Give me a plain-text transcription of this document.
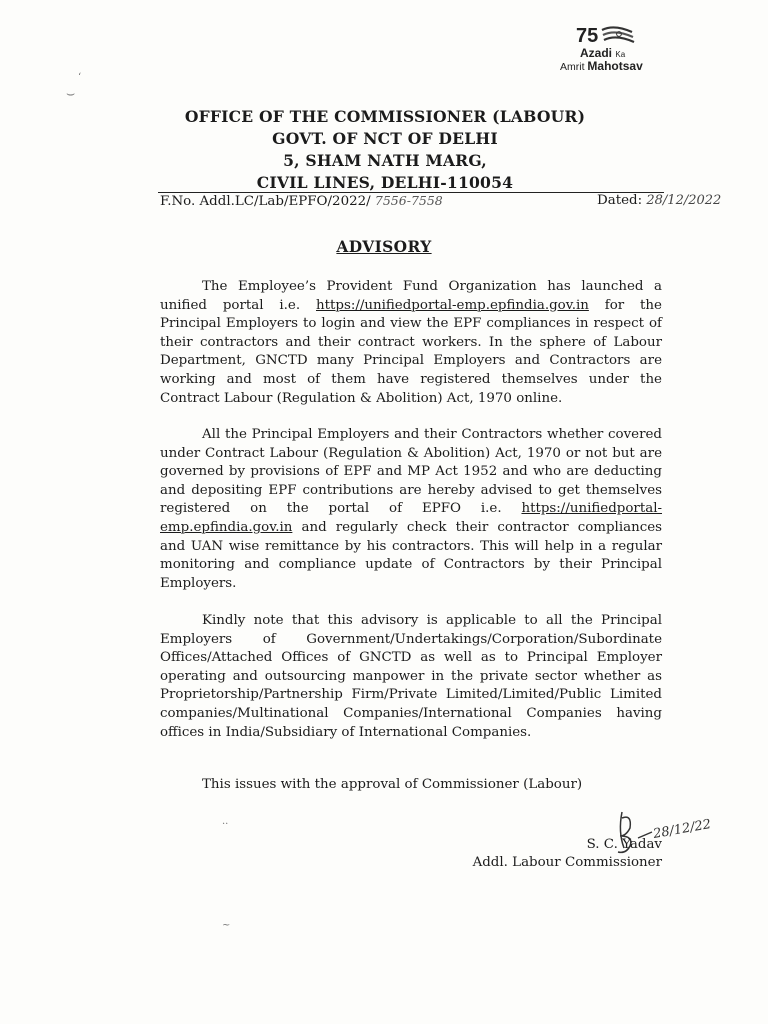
75
Azadi Ka
Amrit Mahotsav
‘
⌣
OFFICE OF THE COMMISSIONER (LABOUR)
GOVT. OF NCT OF DELHI
5, SHAM NATH MARG,
CIVIL LINES, DELHI-110054
F.No. Addl.LC/Lab/EPFO/2022/ 7556-7558	Dated: 28/12/2022
ADVISORY

The Employee’s Provident Fund Organization has launched a unified portal i.e. https://unifiedportal-emp.epfindia.gov.in for the Principal Employers to login and view the EPF compliances in respect of their contractors and their contract workers. In the sphere of Labour Department, GNCTD many Principal Employers and Contractors are working and most of them have registered themselves under the Contract Labour (Regulation & Abolition) Act, 1970 online.

All the Principal Employers and their Contractors whether covered under Contract Labour (Regulation & Abolition) Act, 1970 or not but are governed by provisions of EPF and MP Act 1952 and who are deducting and depositing EPF contributions are hereby advised to get themselves registered on the portal of EPFO i.e. https://unifiedportal-emp.epfindia.gov.in and regularly check their contractor compliances and UAN wise remittance by his contractors. This will help in a regular monitoring and compliance update of Contractors by their Principal Employers.

Kindly note that this advisory is applicable to all the Principal Employers of Government/Undertakings/Corporation/Subordinate Offices/Attached Offices of GNCTD as well as to Principal Employer operating and outsourcing manpower in the private sector whether as Proprietorship/Partnership Firm/Private Limited/Limited/Public Limited companies/Multinational Companies/International Companies having offices in India/Subsidiary of International Companies.

This issues with the approval of Commissioner (Labour)

28/12/22
S. C. Yadav
Addl. Labour Commissioner
..
~
